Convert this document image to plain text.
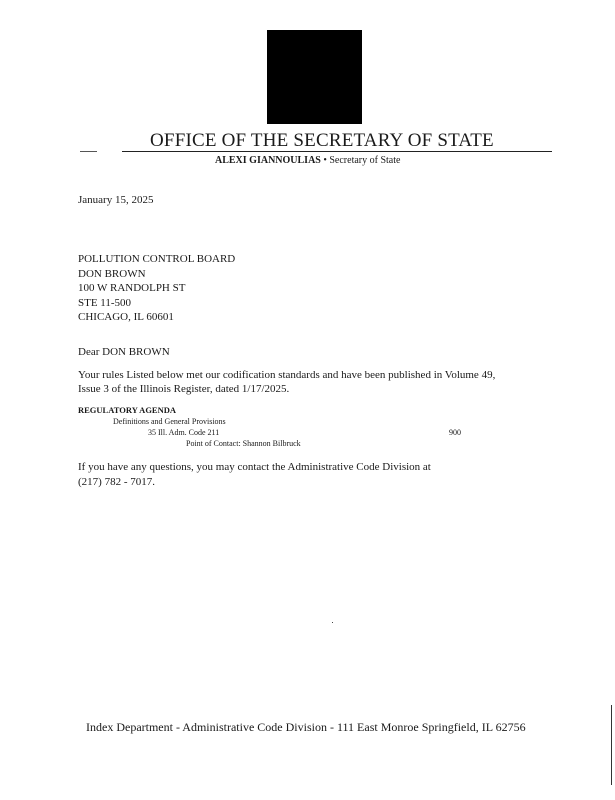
OFFICE OF THE SECRETARY OF STATE
ALEXI GIANNOULIAS • Secretary of State
January 15, 2025
POLLUTION CONTROL BOARD
DON BROWN
100 W RANDOLPH ST
STE 11-500
CHICAGO, IL 60601
Dear DON BROWN
Your rules Listed below met our codification standards and have been published in Volume 49,
Issue 3 of the Illinois Register, dated 1/17/2025.
REGULATORY AGENDA
Definitions and General Provisions
35 Ill. Adm. Code 211	900
Point of Contact: Shannon Bilbruck
If you have any questions, you may contact the Administrative Code Division at
(217) 782 - 7017.
Index Department - Administrative Code Division - 111 East Monroe Springfield, IL 62756
